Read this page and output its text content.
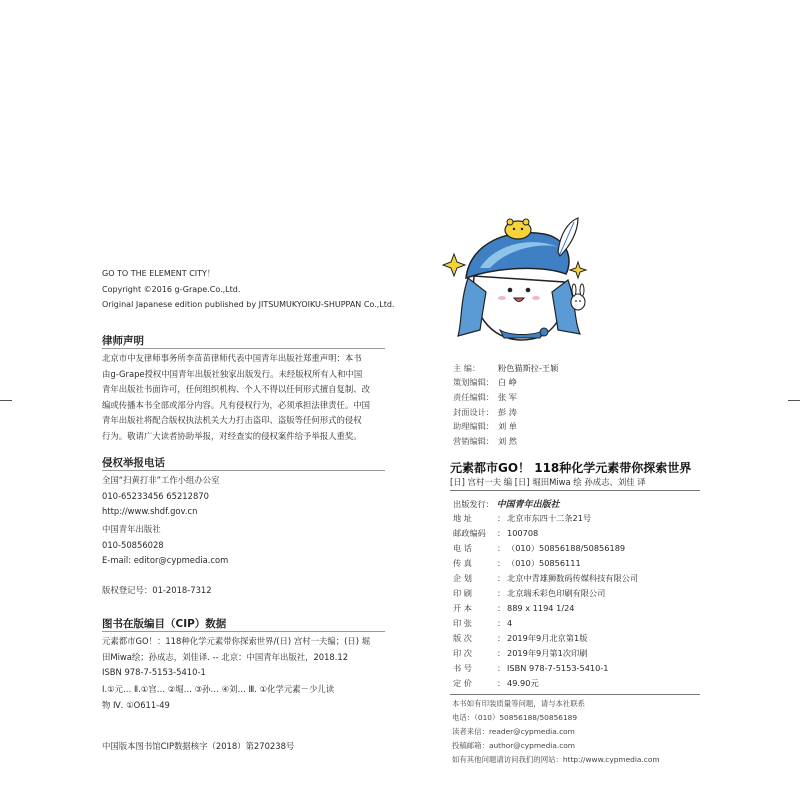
GO TO THE ELEMENT CITY！
Copyright ©2016 g-Grape.Co.,Ltd.
Original Japanese edition published by JITSUMUKYOIKU-SHUPPAN Co.,Ltd.
律师声明
北京市中友律师事务所李苗苗律师代表中国青年出版社郑重声明：本书
由g-Grape授权中国青年出版社独家出版发行。未经版权所有人和中国
青年出版社书面许可，任何组织机构、个人不得以任何形式擅自复制、改
编或传播本书全部或部分内容。凡有侵权行为，必须承担法律责任。中国
青年出版社将配合版权执法机关大力打击盗印、盗版等任何形式的侵权
行为。敬请广大读者协助举报，对经查实的侵权案件给予举报人重奖。
侵权举报电话
全国“扫黄打非”工作小组办公室
010-65233456 65212870
http://www.shdf.gov.cn
中国青年出版社
010-50856028
E-mail: editor@cypmedia.com
版权登记号：01-2018-7312
图书在版编目（CIP）数据
元素都市GO！：118种化学元素带你探索世界/(日) 宫村一夫编；(日) 堀
田Miwa绘；孙成志，刘佳译. -- 北京：中国青年出版社，2018.12
ISBN 978-7-5153-5410-1
Ⅰ.①元… Ⅱ.①宫… ②堀… ③孙… ④刘… Ⅲ. ①化学元素－少儿读
物 Ⅳ. ①O611-49
中国版本图书馆CIP数据核字（2018）第270238号
主 编： 粉色猫斯拉-王颖
策划编辑： 白 峥
责任编辑： 张 军
封面设计： 彭 涛
助理编辑： 刘 单
营销编辑： 刘 然
元素都市GO！ 118种化学元素带你探索世界
[日] 宫村一夫 编 [日] 堀田Miwa 绘 孙成志、刘佳 译
出版发行： 中国青年出版社
地 址	： 北京市东四十二条21号
邮政编码 ： 100708
电 话	： （010）50856188/50856189
传 真	： （010）50856111
企 划	： 北京中青雄狮数码传媒科技有限公司
印 刷	： 北京瑞禾彩色印刷有限公司
开 本	： 889 x 1194 1/24
印 张	： 4
版 次	： 2019年9月北京第1版
印 次	： 2019年9月第1次印刷
书 号	： ISBN 978-7-5153-5410-1
定 价	： 49.90元
本书如有印装质量等问题，请与本社联系
电话：（010）50856188/50856189
读者来信：reader@cypmedia.com
投稿邮箱：author@cypmedia.com
如有其他问题请访问我们的网站：http://www.cypmedia.com
